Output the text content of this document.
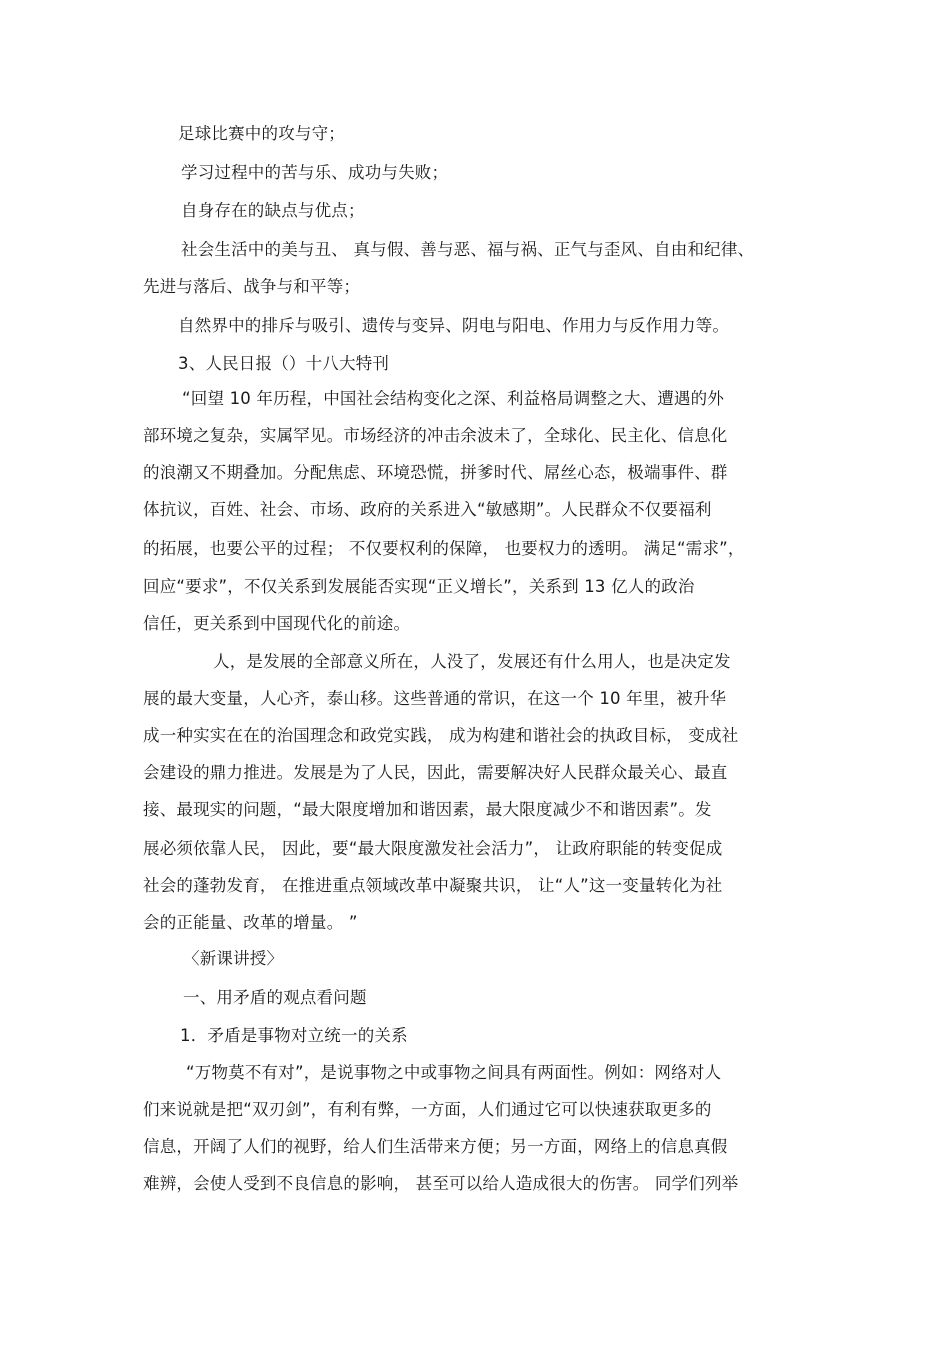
足球比赛中的攻与守；
学习过程中的苦与乐、成功与失败；
自身存在的缺点与优点；
社会生活中的美与丑、 真与假、善与恶、福与祸、正气与歪风、自由和纪律、
先进与落后、战争与和平等；
自然界中的排斥与吸引、遗传与变异、阴电与阳电、作用力与反作用力等。
3、人民日报（）十八大特刊
“回望 10 年历程，中国社会结构变化之深、利益格局调整之大、遭遇的外
部环境之复杂，实属罕见。市场经济的冲击余波未了，全球化、民主化、信息化
的浪潮又不期叠加。分配焦虑、环境恐慌，拼爹时代、屌丝心态，极端事件、群
体抗议，百姓、社会、市场、政府的关系进入“敏感期”。人民群众不仅要福利
的拓展，也要公平的过程； 不仅要权利的保障， 也要权力的透明。 满足“需求”，
回应“要求”，不仅关系到发展能否实现“正义增长”，关系到 13 亿人的政治
信任，更关系到中国现代化的前途。
人，是发展的全部意义所在，人没了，发展还有什么用人，也是决定发
展的最大变量，人心齐，泰山移。这些普通的常识，在这一个 10 年里，被升华
成一种实实在在的治国理念和政党实践， 成为构建和谐社会的执政目标， 变成社
会建设的鼎力推进。发展是为了人民，因此，需要解决好人民群众最关心、最直
接、最现实的问题，“最大限度增加和谐因素，最大限度减少不和谐因素”。发
展必须依靠人民， 因此，要“最大限度激发社会活力”， 让政府职能的转变促成
社会的蓬勃发育， 在推进重点领域改革中凝聚共识， 让“人”这一变量转化为社
会的正能量、改革的增量。 ”
〈新课讲授〉
一、用矛盾的观点看问题
1．矛盾是事物对立统一的关系
“万物莫不有对”，是说事物之中或事物之间具有两面性。例如：网络对人
们来说就是把“双刃剑”，有利有弊，一方面，人们通过它可以快速获取更多的
信息，开阔了人们的视野，给人们生活带来方便；另一方面，网络上的信息真假
难辨，会使人受到不良信息的影响， 甚至可以给人造成很大的伤害。 同学们列举
